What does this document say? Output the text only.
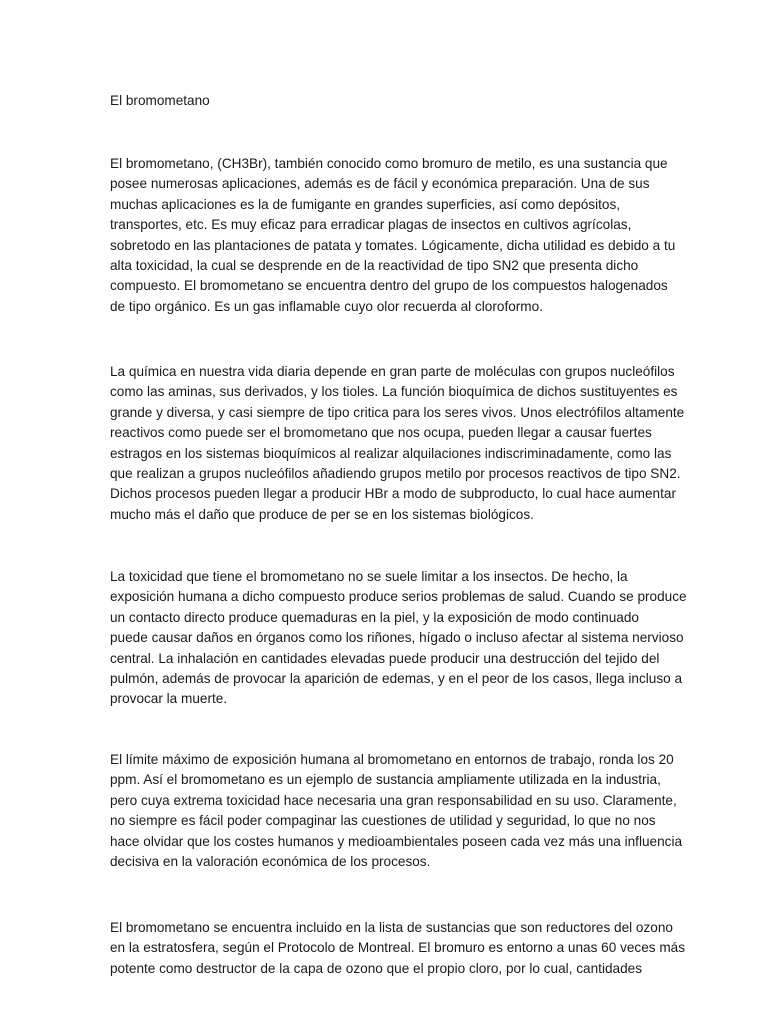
El bromometano
El bromometano, (CH3Br), también conocido como bromuro de metilo, es una sustancia que
posee numerosas aplicaciones, además es de fácil y económica preparación. Una de sus
muchas aplicaciones es la de fumigante en grandes superficies, así como depósitos,
transportes, etc. Es muy eficaz para erradicar plagas de insectos en cultivos agrícolas,
sobretodo en las plantaciones de patata y tomates. Lógicamente, dicha utilidad es debido a tu
alta toxicidad, la cual se desprende en de la reactividad de tipo SN2 que presenta dicho
compuesto. El bromometano se encuentra dentro del grupo de los compuestos halogenados
de tipo orgánico. Es un gas inflamable cuyo olor recuerda al cloroformo.
La química en nuestra vida diaria depende en gran parte de moléculas con grupos nucleófilos
como las aminas, sus derivados, y los tioles. La función bioquímica de dichos sustituyentes es
grande y diversa, y casi siempre de tipo critica para los seres vivos. Unos electrófilos altamente
reactivos como puede ser el bromometano que nos ocupa, pueden llegar a causar fuertes
estragos en los sistemas bioquímicos al realizar alquilaciones indiscriminadamente, como las
que realizan a grupos nucleófilos añadiendo grupos metilo por procesos reactivos de tipo SN2.
Dichos procesos pueden llegar a producir HBr a modo de subproducto, lo cual hace aumentar
mucho más el daño que produce de per se en los sistemas biológicos.
La toxicidad que tiene el bromometano no se suele limitar a los insectos. De hecho, la
exposición humana a dicho compuesto produce serios problemas de salud. Cuando se produce
un contacto directo produce quemaduras en la piel, y la exposición de modo continuado
puede causar daños en órganos como los riñones, hígado o incluso afectar al sistema nervioso
central. La inhalación en cantidades elevadas puede producir una destrucción del tejido del
pulmón, además de provocar la aparición de edemas, y en el peor de los casos, llega incluso a
provocar la muerte.
El límite máximo de exposición humana al bromometano en entornos de trabajo, ronda los 20
ppm. Así el bromometano es un ejemplo de sustancia ampliamente utilizada en la industria,
pero cuya extrema toxicidad hace necesaria una gran responsabilidad en su uso. Claramente,
no siempre es fácil poder compaginar las cuestiones de utilidad y seguridad, lo que no nos
hace olvidar que los costes humanos y medioambientales poseen cada vez más una influencia
decisiva en la valoración económica de los procesos.
El bromometano se encuentra incluido en la lista de sustancias que son reductores del ozono
en la estratosfera, según el Protocolo de Montreal. El bromuro es entorno a unas 60 veces más
potente como destructor de la capa de ozono que el propio cloro, por lo cual, cantidades
